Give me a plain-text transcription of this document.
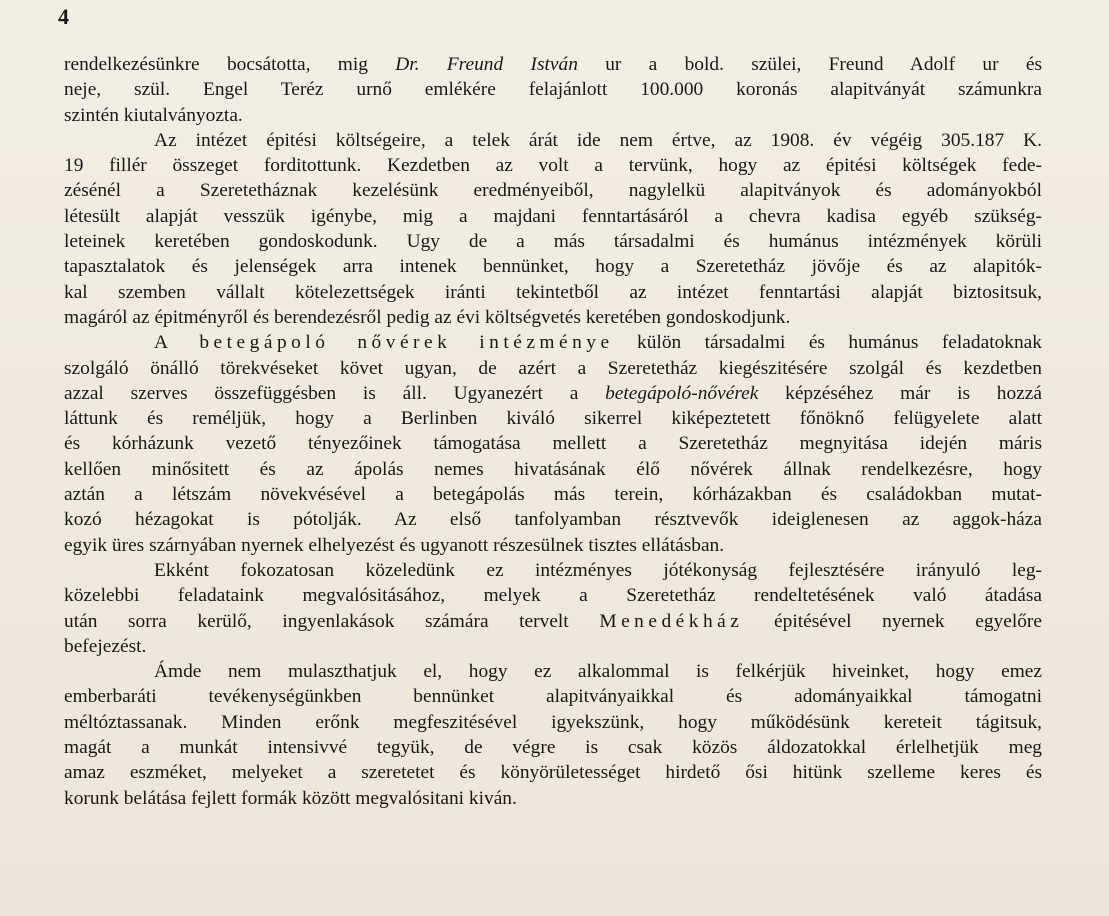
4
rendelkezésünkre bocsátotta, mig Dr. Freund István ur a bold. szülei, Freund Adolf ur és
neje, szül. Engel Teréz urnő emlékére felajánlott 100.000 koronás alapitványát számunkra
szintén kiutalványozta.
Az intézet épitési költségeire, a telek árát ide nem értve, az 1908. év végéig 305.187 K.
19 fillér összeget forditottunk. Kezdetben az volt a tervünk, hogy az épitési költségek fede-
zésénél a Szeretetháznak kezelésünk eredményeiből, nagylelkü alapitványok és adományokból
létesült alapját vesszük igénybe, mig a majdani fenntartásáról a chevra kadisa egyéb szükség-
leteinek keretében gondoskodunk. Ugy de a más társadalmi és humánus intézmények körüli
tapasztalatok és jelenségek arra intenek bennünket, hogy a Szeretetház jövője és az alapitók-
kal szemben vállalt kötelezettségek iránti tekintetből az intézet fenntartási alapját biztositsuk,
magáról az épitményről és berendezésről pedig az évi költségvetés keretében gondoskodjunk.
A betegápoló nővérek intézménye külön társadalmi és humánus feladatoknak
szolgáló önálló törekvéseket követ ugyan, de azért a Szeretetház kiegészitésére szolgál és kezdetben
azzal szerves összefüggésben is áll. Ugyanezért a betegápoló-nővérek képzéséhez már is hozzá
láttunk és reméljük, hogy a Berlinben kiváló sikerrel kiképeztetett főnöknő felügyelete alatt
és kórházunk vezető tényezőinek támogatása mellett a Szeretetház megnyitása idején máris
kellően minősitett és az ápolás nemes hivatásának élő nővérek állnak rendelkezésre, hogy
aztán a létszám növekvésével a betegápolás más terein, kórházakban és családokban mutat-
kozó hézagokat is pótolják. Az első tanfolyamban résztvevők ideiglenesen az aggok-háza
egyik üres szárnyában nyernek elhelyezést és ugyanott részesülnek tisztes ellátásban.
Ekként fokozatosan közeledünk ez intézményes jótékonyság fejlesztésére irányuló leg-
közelebbi feladataink megvalósitásához, melyek a Szeretetház rendeltetésének való átadása
után sorra kerülő, ingyenlakások számára tervelt Menedékház épitésével nyernek egyelőre
befejezést.
Ámde nem mulaszthatjuk el, hogy ez alkalommal is felkérjük hiveinket, hogy emez
emberbaráti tevékenységünkben bennünket alapitványaikkal és adományaikkal támogatni
méltóztassanak. Minden erőnk megfeszitésével igyekszünk, hogy működésünk kereteit tágitsuk,
magát a munkát intensivvé tegyük, de végre is csak közös áldozatokkal érlelhetjük meg
amaz eszméket, melyeket a szeretetet és könyörületességet hirdető ősi hitünk szelleme keres és
korunk belátása fejlett formák között megvalósitani kiván.
